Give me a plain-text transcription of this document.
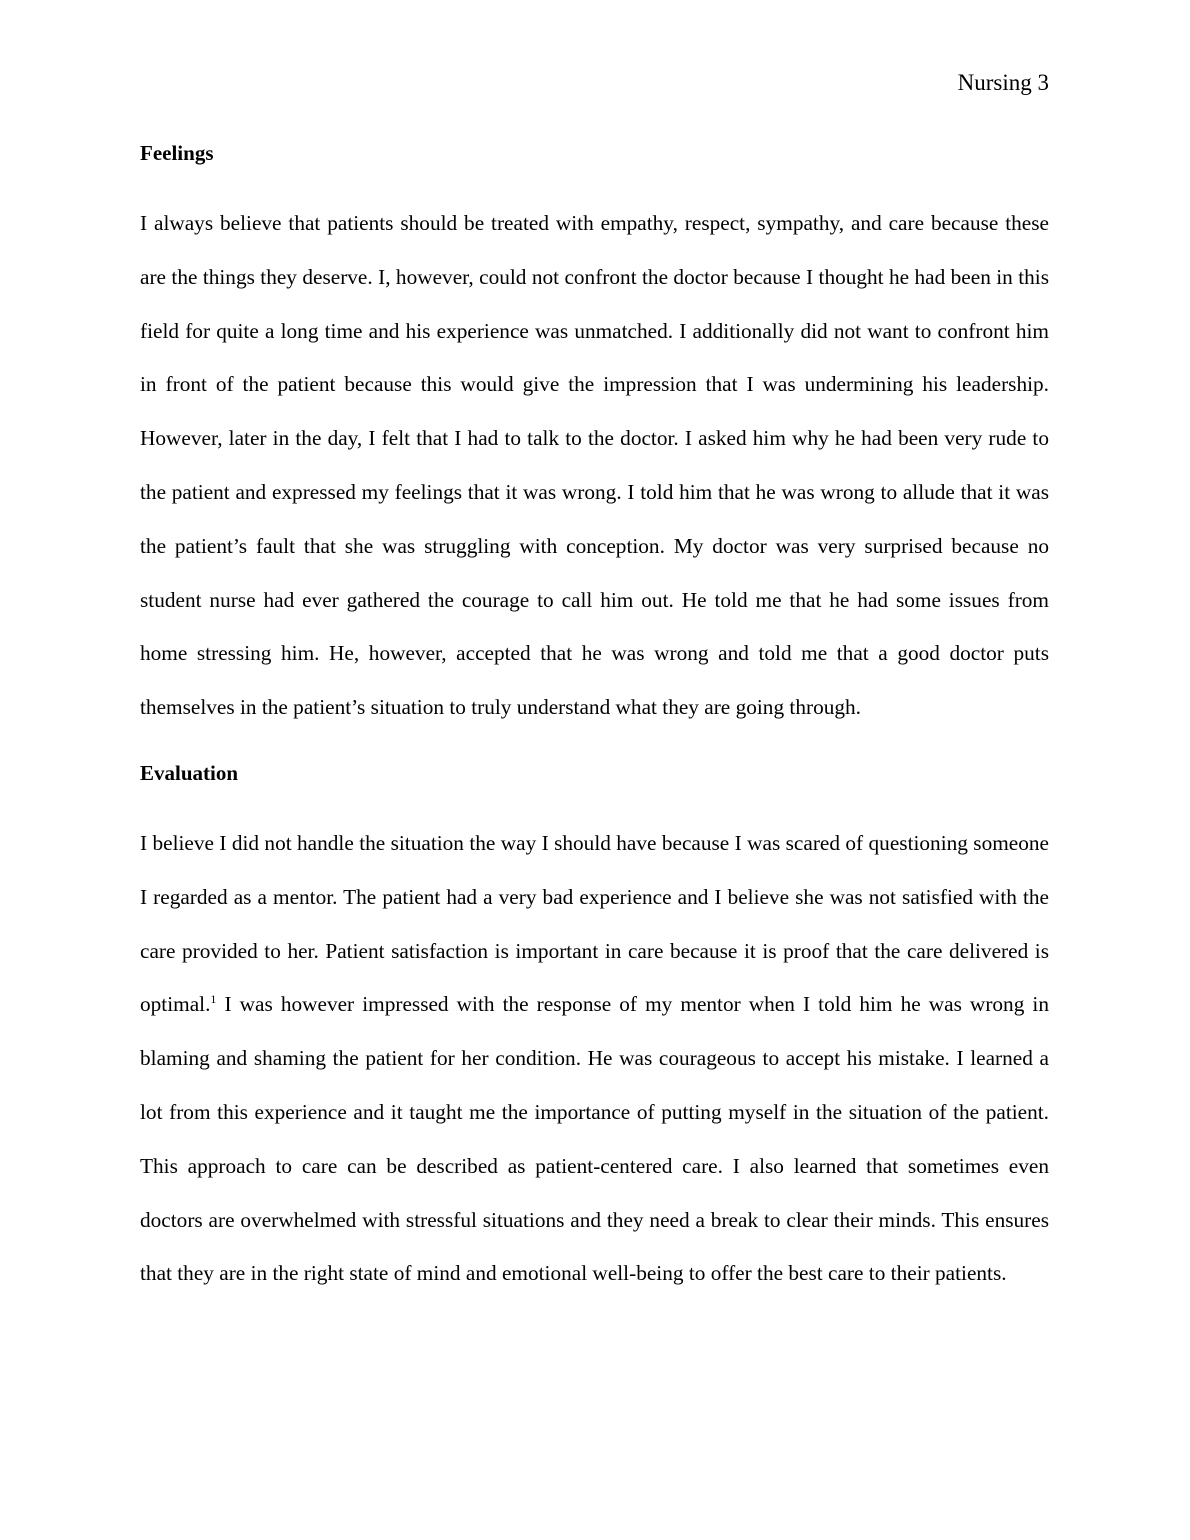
Nursing 3
Feelings

I always believe that patients should be treated with empathy, respect, sympathy, and care because these are the things they deserve. I, however, could not confront the doctor because I thought he had been in this field for quite a long time and his experience was unmatched. I additionally did not want to confront him in front of the patient because this would give the impression that I was undermining his leadership. However, later in the day, I felt that I had to talk to the doctor. I asked him why he had been very rude to the patient and expressed my feelings that it was wrong. I told him that he was wrong to allude that it was the patient’s fault that she was struggling with conception. My doctor was very surprised because no student nurse had ever gathered the courage to call him out. He told me that he had some issues from home stressing him. He, however, accepted that he was wrong and told me that a good doctor puts themselves in the patient’s situation to truly understand what they are going through.

Evaluation

I believe I did not handle the situation the way I should have because I was scared of questioning someone I regarded as a mentor. The patient had a very bad experience and I believe she was not satisfied with the care provided to her. Patient satisfaction is important in care because it is proof that the care delivered is optimal.$^1$ I was however impressed with the response of my mentor when I told him he was wrong in blaming and shaming the patient for her condition. He was courageous to accept his mistake. I learned a lot from this experience and it taught me the importance of putting myself in the situation of the patient. This approach to care can be described as patient-centered care. I also learned that sometimes even doctors are overwhelmed with stressful situations and they need a break to clear their minds. This ensures that they are in the right state of mind and emotional well-being to offer the best care to their patients.
